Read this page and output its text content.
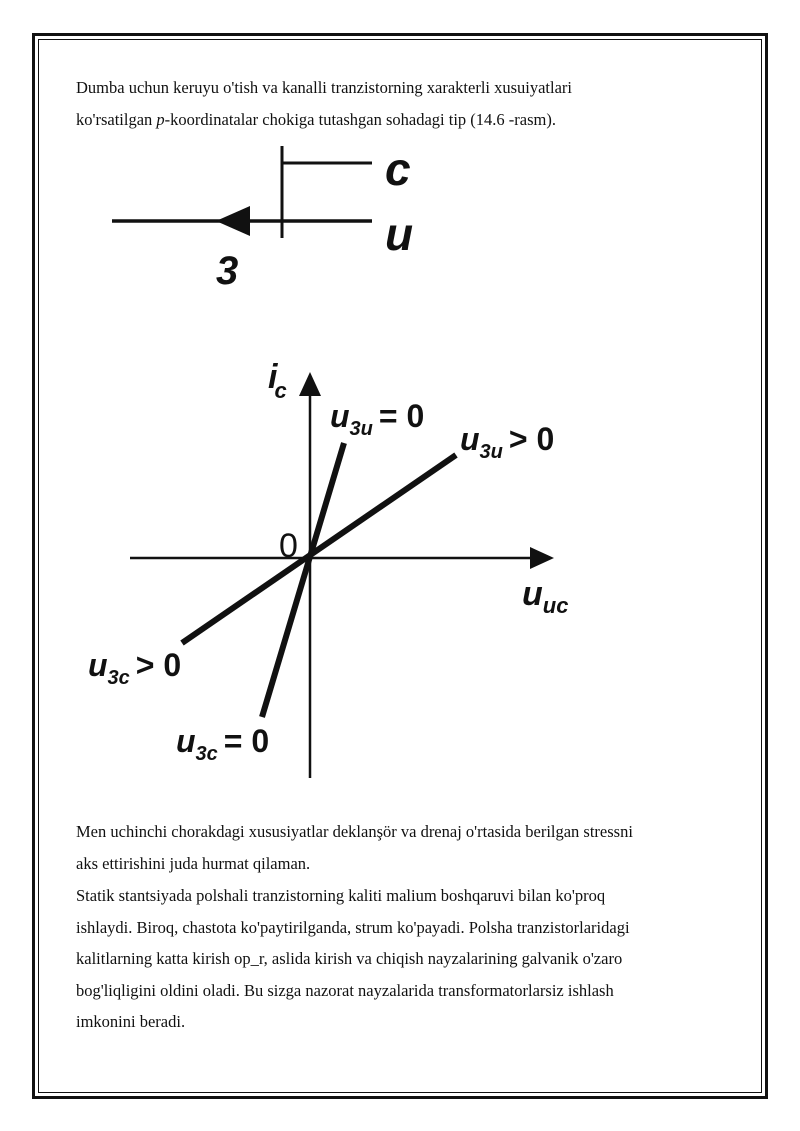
Dumba uchun keruyu o'tish va kanalli tranzistorning xarakterli xusuiyatlari
ko'rsatilgan p-koordinatalar chokiga tutashgan sohadagi tip (14.6 -rasm).

c
u
3
ic
0
$u_{uc}$
$u_{3u} = 0$
$u_{3u} > 0$
$u_{3c} > 0$
$u_{3c} = 0$

Men uchinchi chorakdagi xususiyatlar deklanşör va drenaj o'rtasida berilgan stressni
aks ettirishini juda hurmat qilaman.

Statik stantsiyada polshali tranzistorning kaliti malium boshqaruvi bilan ko'proq
ishlaydi. Biroq, chastota ko'paytirilganda, strum ko'payadi. Polsha tranzistorlaridagi
kalitlarning katta kirish op_r, aslida kirish va chiqish nayzalarining galvanik o'zaro
bog'liqligini oldini oladi. Bu sizga nazorat nayzalarida transformatorlarsiz ishlash
imkonini beradi.
